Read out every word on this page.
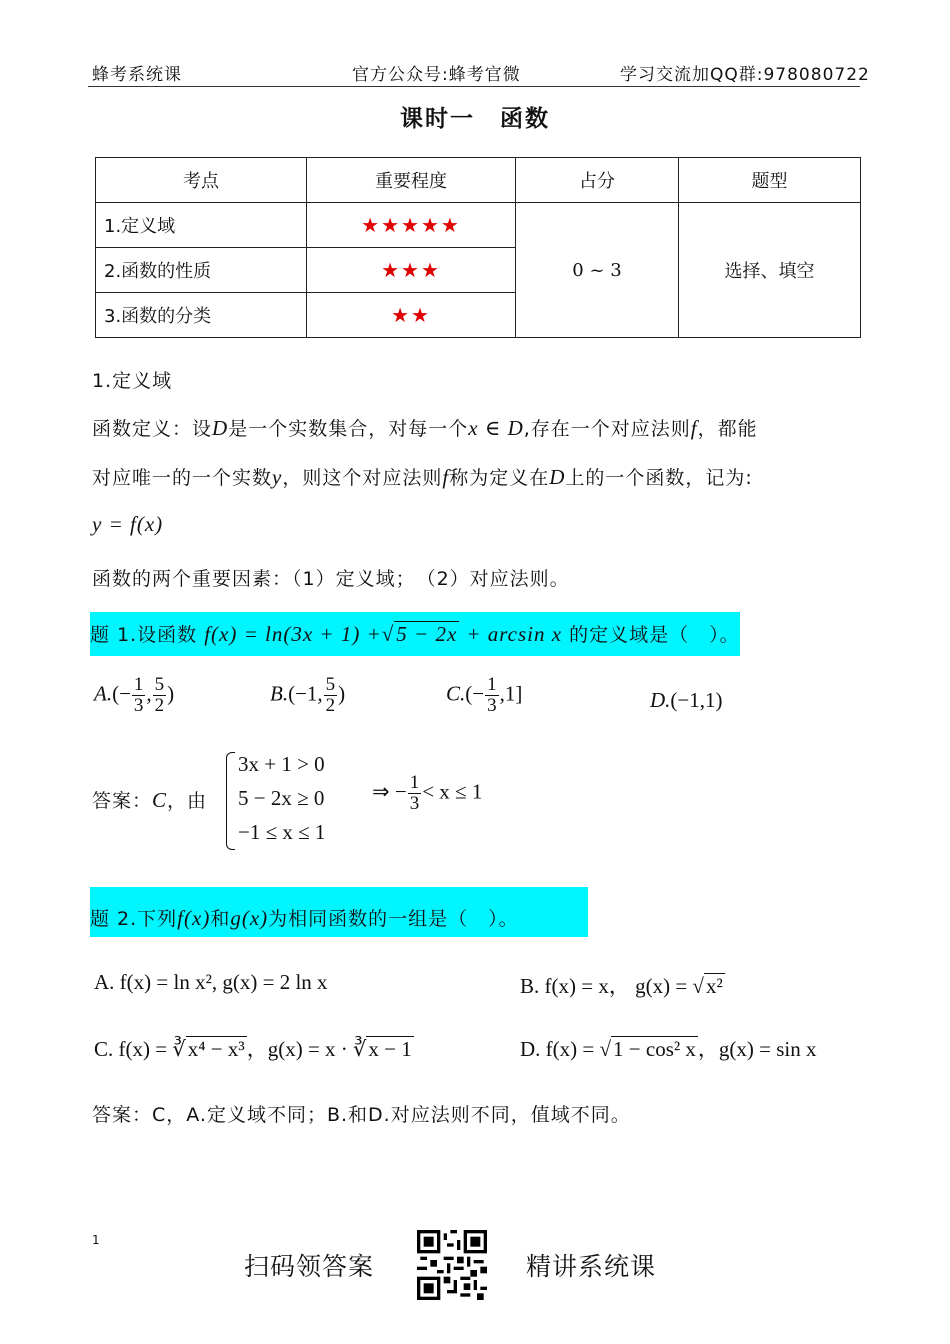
蜂考系统课	官方公众号:蜂考官微	学习交流加QQ群:978080722
课时一　函数
考点	重要程度	占分	题型
1.定义域	★★★★★	0 ~ 3	选择、填空
2.函数的性质	★★★		
3.函数的分类	★★		
1.定义域
函数定义：设D是一个实数集合，对每一个x ∈ D,存在一个对应法则f，都能
对应唯一的一个实数y，则这个对应法则f称为定义在D上的一个函数，记为:
y = f(x)
函数的两个重要因素：（1）定义域；　（2）对应法则。
题 1.设函数 f(x) = ln(3x + 1) +√5 − 2x + arcsin x 的定义域是（　）。
$A.(- \frac{1}{3}$ , $\frac{5}{2}$ )	B.(−1, $\frac{5}{2}$ )	$C.(- \frac{1}{3} ,1]$	D.(−1,1)
答案：C，由
3x + 1 > 0
5 − 2x ≥ 0
−1 ≤ x ≤ 1
⇒ − $\frac{1}{3} < x \le 1$
题 2.下列f(x)和g(x)为相同函数的一组是（　）。
A. f(x) = ln x², g(x) = 2 ln x	B. f(x) = x， g(x) = √x²
C. f(x) = ∛x⁴ − x³，g(x) = x · ∛x − 1	D. f(x) = √1 − cos² x，g(x) = sin x
答案：C，A.定义域不同；B.和D.对应法则不同，值域不同。
1
扫码领答案	精讲系统课
